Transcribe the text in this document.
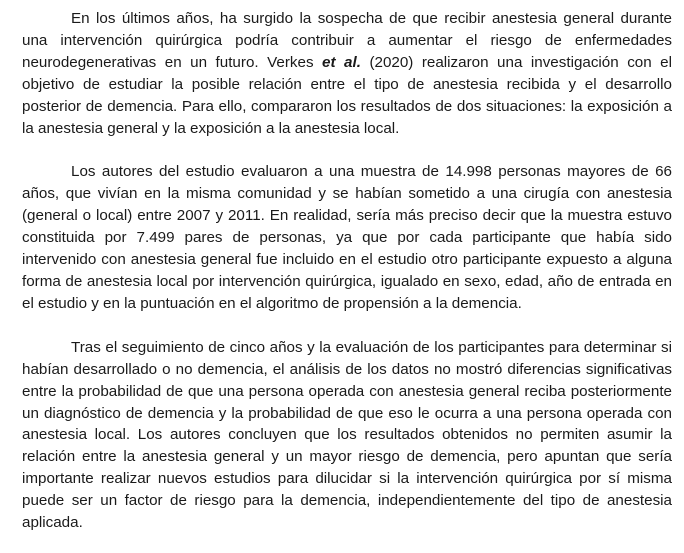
En los últimos años, ha surgido la sospecha de que recibir anestesia general durante una intervención quirúrgica podría contribuir a aumentar el riesgo de enfermedades neurodegenerativas en un futuro. Verkes et al. (2020) realizaron una investigación con el objetivo de estudiar la posible relación entre el tipo de anestesia recibida y el desarrollo posterior de demencia. Para ello, compararon los resultados de dos situaciones: la exposición a la anestesia general y la exposición a la anestesia local.

Los autores del estudio evaluaron a una muestra de 14.998 personas mayores de 66 años, que vivían en la misma comunidad y se habían sometido a una cirugía con anestesia (general o local) entre 2007 y 2011. En realidad, sería más preciso decir que la muestra estuvo constituida por 7.499 pares de personas, ya que por cada participante que había sido intervenido con anestesia general fue incluido en el estudio otro participante expuesto a alguna forma de anestesia local por intervención quirúrgica, igualado en sexo, edad, año de entrada en el estudio y en la puntuación en el algoritmo de propensión a la demencia.

Tras el seguimiento de cinco años y la evaluación de los participantes para determinar si habían desarrollado o no demencia, el análisis de los datos no mostró diferencias significativas entre la probabilidad de que una persona operada con anestesia general reciba posteriormente un diagnóstico de demencia y la probabilidad de que eso le ocurra a una persona operada con anestesia local. Los autores concluyen que los resultados obtenidos no permiten asumir la relación entre la anestesia general y un mayor riesgo de demencia, pero apuntan que sería importante realizar nuevos estudios para dilucidar si la intervención quirúrgica por sí misma puede ser un factor de riesgo para la demencia, independientemente del tipo de anestesia aplicada.
